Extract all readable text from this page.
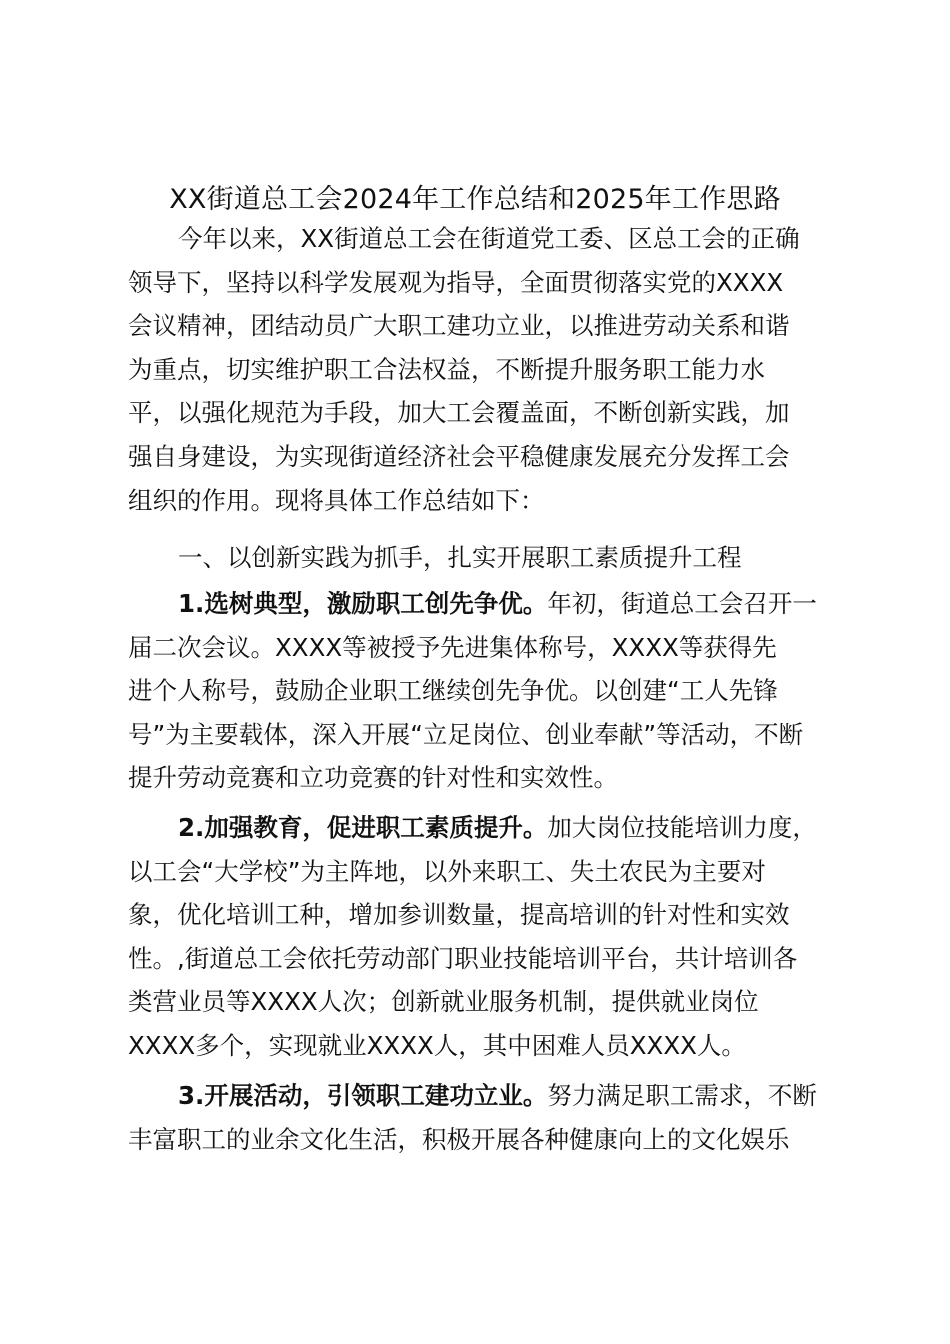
XX街道总工会2024年工作总结和2025年工作思路
今年以来，XX街道总工会在街道党工委、区总工会的正确
领导下，坚持以科学发展观为指导，全面贯彻落实党的XXXX
会议精神，团结动员广大职工建功立业，以推进劳动关系和谐
为重点，切实维护职工合法权益，不断提升服务职工能力水
平，以强化规范为手段，加大工会覆盖面，不断创新实践，加
强自身建设，为实现街道经济社会平稳健康发展充分发挥工会
组织的作用。现将具体工作总结如下：
一、以创新实践为抓手，扎实开展职工素质提升工程
1.选树典型，激励职工创先争优。年初，街道总工会召开一
届二次会议。XXXX等被授予先进集体称号，XXXX等获得先
进个人称号，鼓励企业职工继续创先争优。以创建“工人先锋
号”为主要载体，深入开展“立足岗位、创业奉献”等活动，不断
提升劳动竞赛和立功竞赛的针对性和实效性。
2.加强教育，促进职工素质提升。加大岗位技能培训力度，
以工会“大学校”为主阵地，以外来职工、失土农民为主要对
象，优化培训工种，增加参训数量，提高培训的针对性和实效
性。,街道总工会依托劳动部门职业技能培训平台，共计培训各
类营业员等XXXX人次；创新就业服务机制，提供就业岗位
XXXX多个，实现就业XXXX人，其中困难人员XXXX人。
3.开展活动，引领职工建功立业。努力满足职工需求，不断
丰富职工的业余文化生活，积极开展各种健康向上的文化娱乐
